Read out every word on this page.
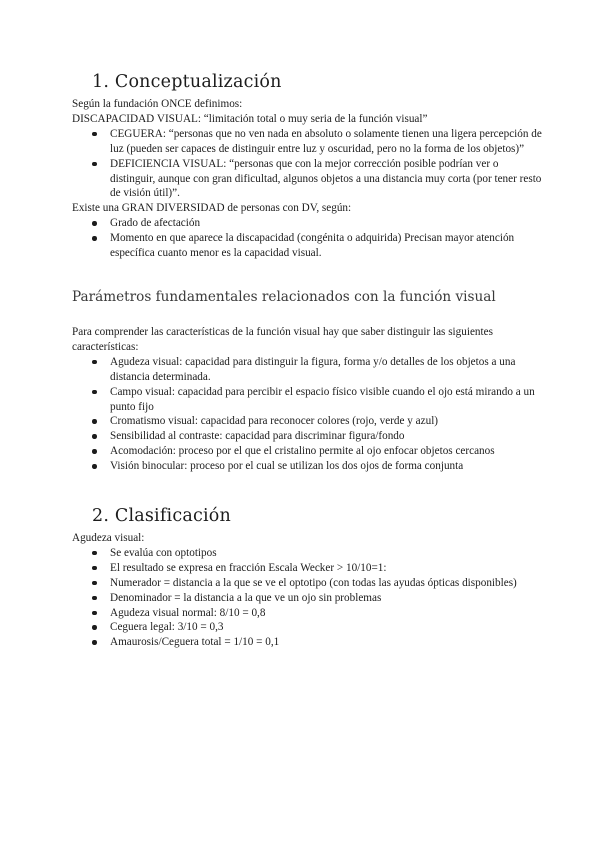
1. Conceptualización

Según la fundación ONCE definimos:

DISCAPACIDAD VISUAL: “limitación total o muy seria de la función visual”

CEGUERA: “personas que no ven nada en absoluto o solamente tienen una ligera percepción de luz (pueden ser capaces de distinguir entre luz y oscuridad, pero no la forma de los objetos)”
DEFICIENCIA VISUAL: “personas que con la mejor corrección posible podrían ver o distinguir, aunque con gran dificultad, algunos objetos a una distancia muy corta (por tener resto de visión útil)”.

Existe una GRAN DIVERSIDAD de personas con DV, según:

Grado de afectación
Momento en que aparece la discapacidad (congénita o adquirida) Precisan mayor atención específica cuanto menor es la capacidad visual.
Parámetros fundamentales relacionados con la función visual

Para comprender las características de la función visual hay que saber distinguir las siguientes características:

Agudeza visual: capacidad para distinguir la figura, forma y/o detalles de los objetos a una distancia determinada.
Campo visual: capacidad para percibir el espacio físico visible cuando el ojo está mirando a un punto fijo
Cromatismo visual: capacidad para reconocer colores (rojo, verde y azul)
Sensibilidad al contraste: capacidad para discriminar figura/fondo
Acomodación: proceso por el que el cristalino permite al ojo enfocar objetos cercanos
Visión binocular: proceso por el cual se utilizan los dos ojos de forma conjunta
2. Clasificación

Agudeza visual:

Se evalúa con optotipos
El resultado se expresa en fracción Escala Wecker > 10/10=1:
Numerador = distancia a la que se ve el optotipo (con todas las ayudas ópticas disponibles)
Denominador = la distancia a la que ve un ojo sin problemas
Agudeza visual normal: 8/10 = 0,8
Ceguera legal: 3/10 = 0,3
Amaurosis/Ceguera total = 1/10 = 0,1
